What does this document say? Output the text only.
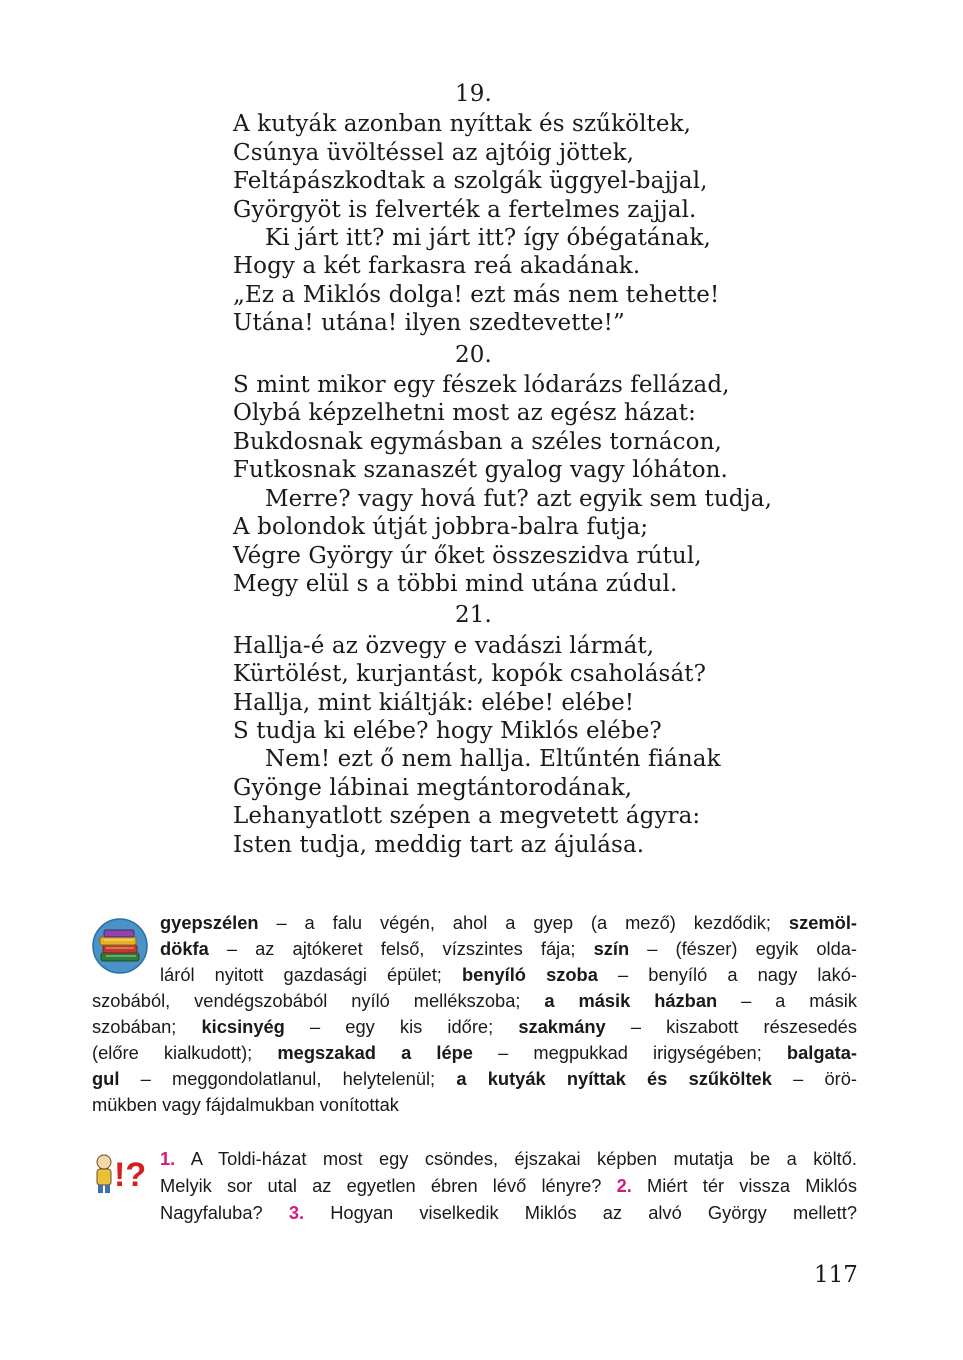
19.
A kutyák azonban nyíttak és szűköltek,
Csúnya üvöltéssel az ajtóig jöttek,
Feltápászkodtak a szolgák üggyel-bajjal,
Györgyöt is felverték a fertelmes zajjal.
Ki járt itt? mi járt itt? így óbégatának,
Hogy a két farkasra reá akadának.
„Ez a Miklós dolga! ezt más nem tehette!
Utána! utána! ilyen szedtevette!”
20.
S mint mikor egy fészek lódarázs fellázad,
Olybá képzelhetni most az egész házat:
Bukdosnak egymásban a széles tornácon,
Futkosnak szanaszét gyalog vagy lóháton.
Merre? vagy hová fut? azt egyik sem tudja,
A bolondok útját jobbra-balra futja;
Végre György úr őket összeszidva rútul,
Megy elül s a többi mind utána zúdul.
21.
Hallja-é az özvegy e vadászi lármát,
Kürtölést, kurjantást, kopók csaholását?
Hallja, mint kiáltják: elébe! elébe!
S tudja ki elébe? hogy Miklós elébe?
Nem! ezt ő nem hallja. Eltűntén fiának
Gyönge lábinai megtántorodának,
Lehanyatlott szépen a megvetett ágyra:
Isten tudja, meddig tart az ájulása.
gyepszélen – a falu végén, ahol a gyep (a mező) kezdődik; szemöl-
dökfa – az ajtókeret felső, vízszintes fája; szín – (fészer) egyik olda-
láról nyitott gazdasági épület; benyíló szoba – benyíló a nagy lakó-
szobából, vendégszobából nyíló mellékszoba; a másik házban – a másik
szobában; kicsinyég – egy kis időre; szakmány – kiszabott részesedés
(előre kialkudott); megszakad a lépe – megpukkad irigységében; balgata-
gul – meggondolatlanul, helytelenül; a kutyák nyíttak és szűköltek – örö-
mükben vagy fájdalmukban vonítottak
!? 1. A Toldi-házat most egy csöndes, éjszakai képben mutatja be a költő.
Melyik sor utal az egyetlen ébren lévő lényre? 2. Miért tér vissza Miklós
Nagyfaluba? 3. Hogyan viselkedik Miklós az alvó György mellett?
117
